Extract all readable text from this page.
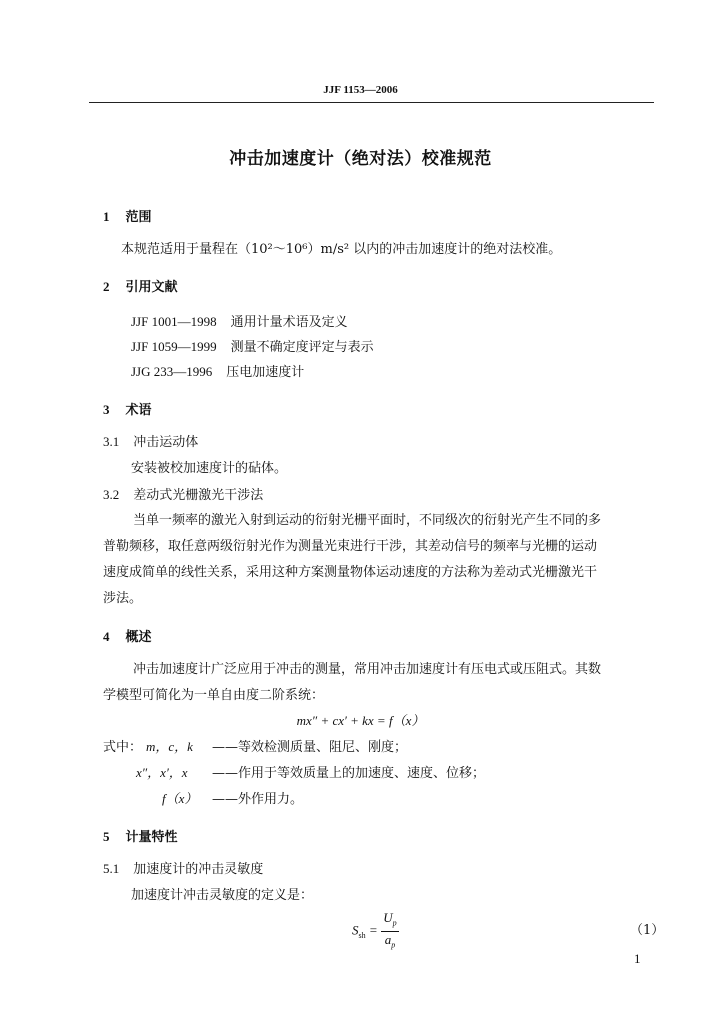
JJF 1153—2006
冲击加速度计（绝对法）校准规范
1 范围
本规范适用于量程在（10²～10⁶）m/s² 以内的冲击加速度计的绝对法校准。
2 引用文献
JJF 1001—1998 通用计量术语及定义
JJF 1059—1999 测量不确定度评定与表示
JJG 233—1996 压电加速度计
3 术语
3.1 冲击运动体
安装被校加速度计的砧体。
3.2 差动式光栅激光干涉法
当单一频率的激光入射到运动的衍射光栅平面时，不同级次的衍射光产生不同的多
普勒频移，取任意两级衍射光作为测量光束进行干涉，其差动信号的频率与光栅的运动
速度成简单的线性关系，采用这种方案测量物体运动速度的方法称为差动式光栅激光干
涉法。
4 概述
冲击加速度计广泛应用于冲击的测量，常用冲击加速度计有压电式或压阻式。其数
学模型可简化为一单自由度二阶系统：
mx″ + cx′ + kx = f（x）
式中： m，c，k ——等效检测质量、阻尼、刚度；
x″，x′，x ——作用于等效质量上的加速度、速度、位移；
f（x） ——外作用力。
5 计量特性
5.1 加速度计的冲击灵敏度
加速度计冲击灵敏度的定义是：
$S_{sh} = \frac{U_p}{a_p}$	（1）
1
